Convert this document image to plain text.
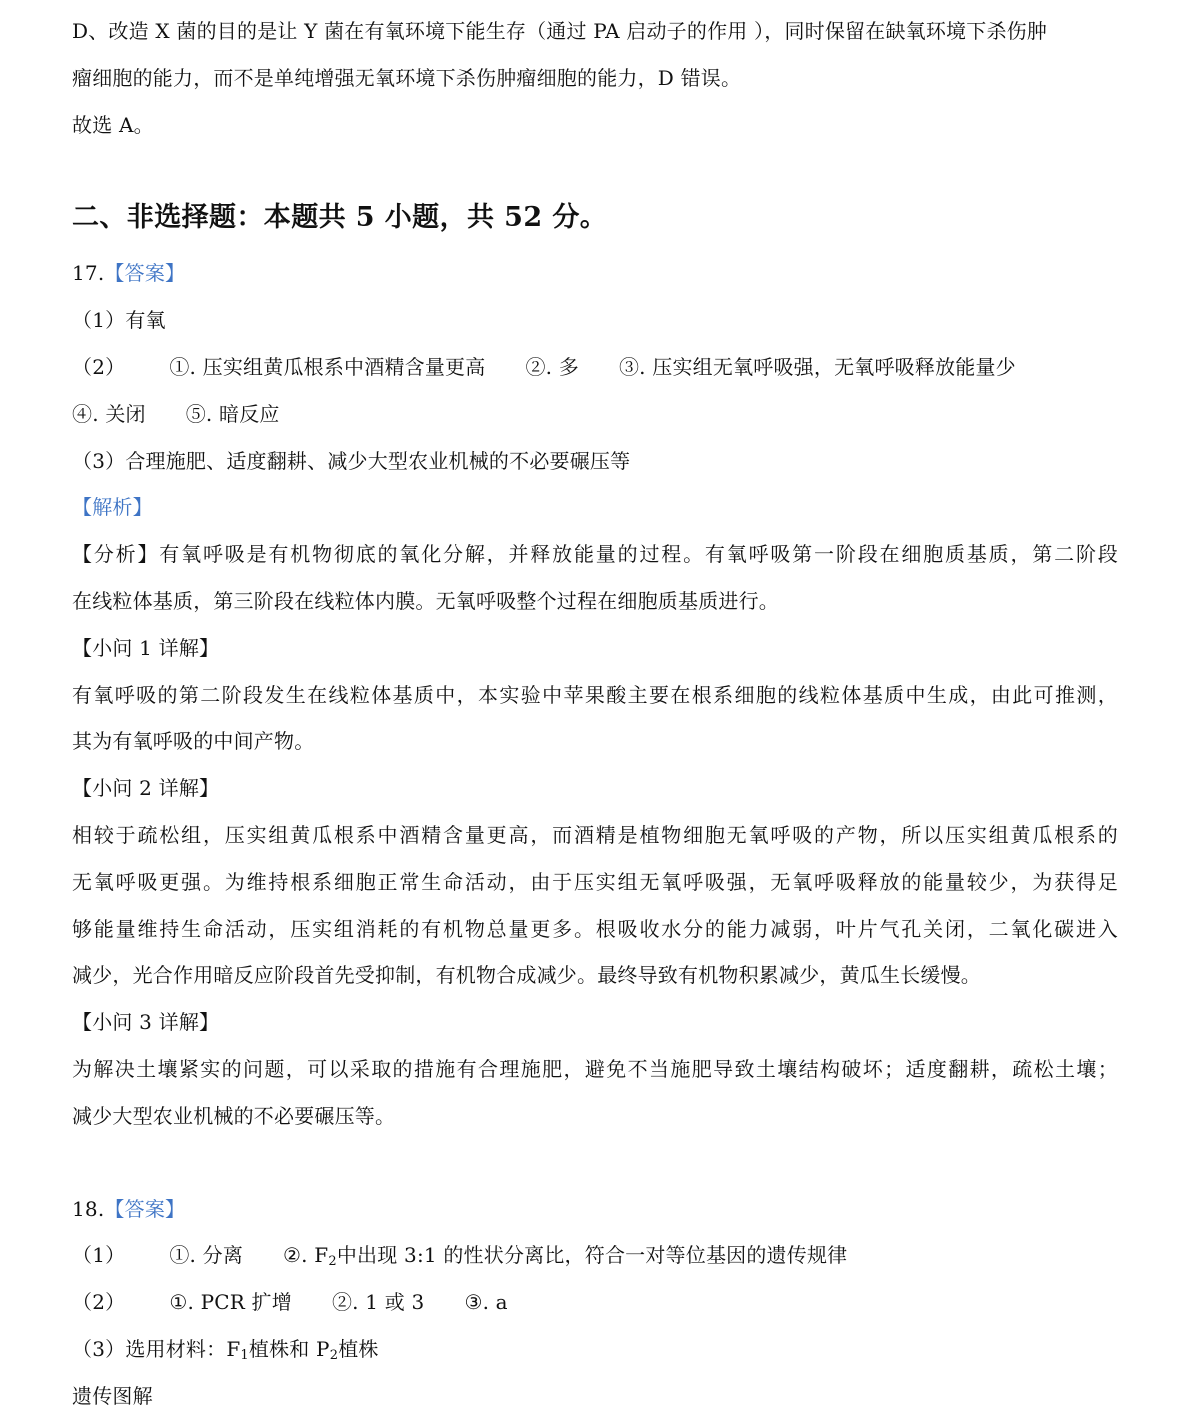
D、改造 X 菌的目的是让 Y 菌在有氧环境下能生存（通过 PA 启动子的作用 ），同时保留在缺氧环境下杀伤肿
瘤细胞的能力，而不是单纯增强无氧环境下杀伤肿瘤细胞的能力，D 错误。
故选 A。
二、非选择题：本题共 5 小题，共 52 分。
17.【答案】
（1）有氧
（2） ①. 压实组黄瓜根系中酒精含量更高 ②. 多 ③. 压实组无氧呼吸强，无氧呼吸释放能量少
④. 关闭 ⑤. 暗反应
（3）合理施肥、适度翻耕、减少大型农业机械的不必要碾压等
【解析】
【分析】有氧呼吸是有机物彻底的氧化分解，并释放能量的过程。有氧呼吸第一阶段在细胞质基质，第二阶段
在线粒体基质，第三阶段在线粒体内膜。无氧呼吸整个过程在细胞质基质进行。
【小问 1 详解】
有氧呼吸的第二阶段发生在线粒体基质中，本实验中苹果酸主要在根系细胞的线粒体基质中生成，由此可推测，
其为有氧呼吸的中间产物。
【小问 2 详解】
相较于疏松组，压实组黄瓜根系中酒精含量更高，而酒精是植物细胞无氧呼吸的产物，所以压实组黄瓜根系的
无氧呼吸更强。为维持根系细胞正常生命活动，由于压实组无氧呼吸强，无氧呼吸释放的能量较少，为获得足
够能量维持生命活动，压实组消耗的有机物总量更多。根吸收水分的能力减弱，叶片气孔关闭，二氧化碳进入
减少，光合作用暗反应阶段首先受抑制，有机物合成减少。最终导致有机物积累减少，黄瓜生长缓慢。
【小问 3 详解】
为解决土壤紧实的问题，可以采取的措施有合理施肥，避免不当施肥导致土壤结构破坏；适度翻耕，疏松土壤；
减少大型农业机械的不必要碾压等。
18.【答案】
（1） ①. 分离 ②. $F_2$中出现 3:1 的性状分离比，符合一对等位基因的遗传规律
（2） ①. PCR 扩增 ②. 1 或 3 ③. a
（3）选用材料：$F_1$植株和 $P_2$植株
遗传图解
